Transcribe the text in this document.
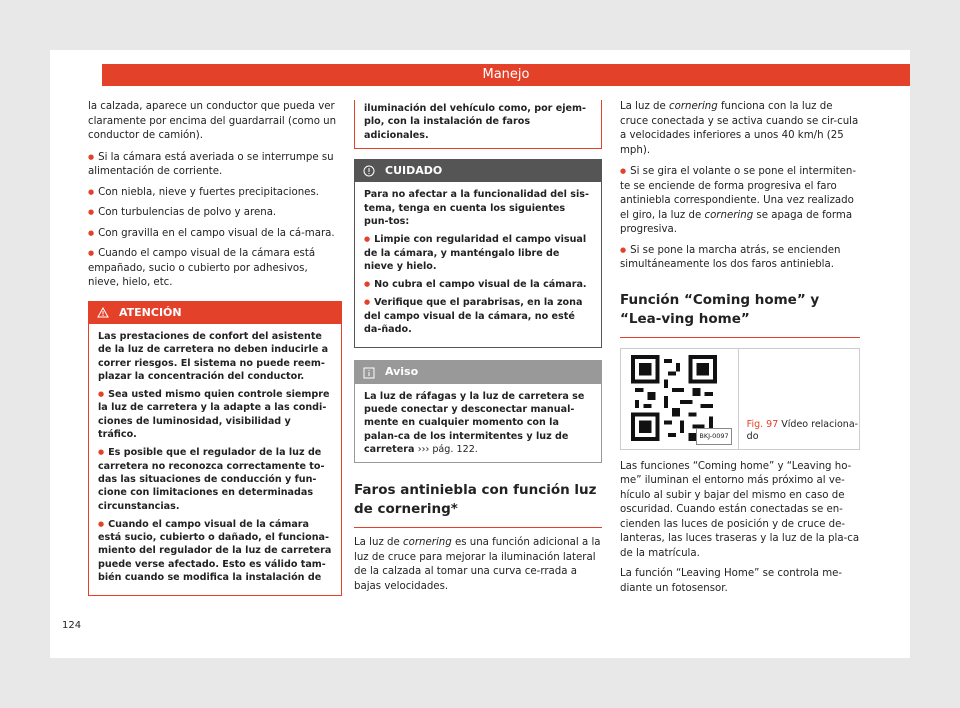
Manejo

la calzada, aparece un conductor que pueda ver claramente por encima del guardarrail (como un conductor de camión).

● Si la cámara está averiada o se interrumpe su alimentación de corriente.
● Con niebla, nieve y fuertes precipitaciones.
● Con turbulencias de polvo y arena.
● Con gravilla en el campo visual de la cá-mara.
● Cuando el campo visual de la cámara está empañado, sucio o cubierto por adhesivos, nieve, hielo, etc.
ATENCIÓN

Las prestaciones de confort del asistente de la luz de carretera no deben inducirle a correr riesgos. El sistema no puede reem-plazar la concentración del conductor.

● Sea usted mismo quien controle siempre la luz de carretera y la adapte a las condi-ciones de luminosidad, visibilidad y tráfico.

● Es posible que el regulador de la luz de carretera no reconozca correctamente to-das las situaciones de conducción y fun-cione con limitaciones en determinadas circunstancias.

● Cuando el campo visual de la cámara está sucio, cubierto o dañado, el funciona-miento del regulador de la luz de carretera puede verse afectado. Esto es válido tam-bién cuando se modifica la instalación de

iluminación del vehículo como, por ejem-plo, con la instalación de faros adicionales.
CUIDADO

Para no afectar a la funcionalidad del sis-tema, tenga en cuenta los siguientes pun-tos:

● Limpie con regularidad el campo visual de la cámara, y manténgalo libre de nieve y hielo.

● No cubra el campo visual de la cámara.

● Verifique que el parabrisas, en la zona del campo visual de la cámara, no esté da-ñado.

Aviso
La luz de ráfagas y la luz de carretera se puede conectar y desconectar manual-mente en cualquier momento con la palan-ca de los intermitentes y luz de carretera ››› pág. 122.
Faros antiniebla con función luz de cornering*

La luz de cornering es una función adicional a la luz de cruce para mejorar la iluminación lateral de la calzada al tomar una curva ce-rrada a bajas velocidades.

La luz de cornering funciona con la luz de cruce conectada y se activa cuando se cir-cula a velocidades inferiores a unos 40 km/h (25 mph).

● Si se gira el volante o se pone el intermiten-te se enciende de forma progresiva el faro antiniebla correspondiente. Una vez realizado el giro, la luz de cornering se apaga de forma progresiva.
● Si se pone la marcha atrás, se encienden simultáneamente los dos faros antiniebla.
Función “Coming home” y “Lea-ving home”
BKJ-0097
Fig. 97 Vídeo relaciona-do

Las funciones “Coming home” y “Leaving ho-me” iluminan el entorno más próximo al ve-hículo al subir y bajar del mismo en caso de oscuridad. Cuando están conectadas se en-cienden las luces de posición y de cruce de-lanteras, las luces traseras y la luz de la pla-ca de la matrícula.

La función “Leaving Home” se controla me-diante un fotosensor.

124
